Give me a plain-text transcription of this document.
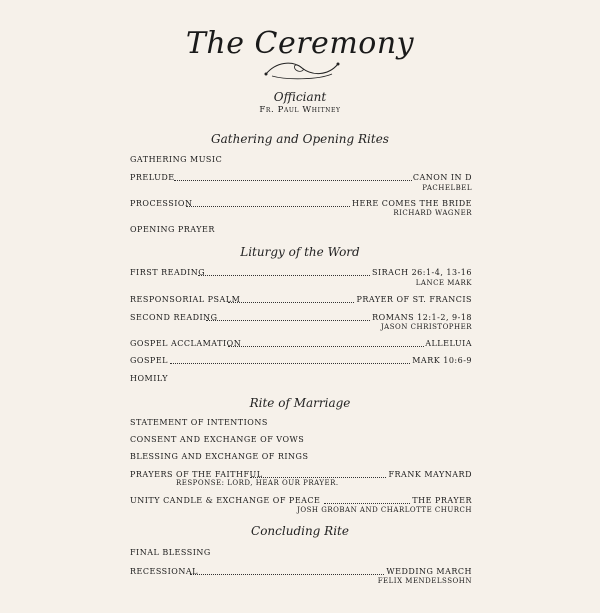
The Ceremony
Officiant
Fr. Paul Whitney
Gathering and Opening Rites
GATHERING MUSIC
PRELUDE	CANON IN D
PACHELBEL
PROCESSION	HERE COMES THE BRIDE
RICHARD WAGNER
OPENING PRAYER
Liturgy of the Word
FIRST READING	SIRACH 26:1-4, 13-16
LANCE MARK
RESPONSORIAL PSALM	PRAYER OF ST. FRANCIS
SECOND READING	ROMANS 12:1-2, 9-18
JASON CHRISTOPHER
GOSPEL ACCLAMATION	ALLELUIA
GOSPEL	MARK 10:6-9
HOMILY
Rite of Marriage
STATEMENT OF INTENTIONS
CONSENT AND EXCHANGE OF VOWS
BLESSING AND EXCHANGE OF RINGS
PRAYERS OF THE FAITHFUL	FRANK MAYNARD
RESPONSE: LORD, HEAR OUR PRAYER.
UNITY CANDLE & EXCHANGE OF PEACE	THE PRAYER
JOSH GROBAN AND CHARLOTTE CHURCH
Concluding Rite
FINAL BLESSING
RECESSIONAL	WEDDING MARCH
FELIX MENDELSSOHN
